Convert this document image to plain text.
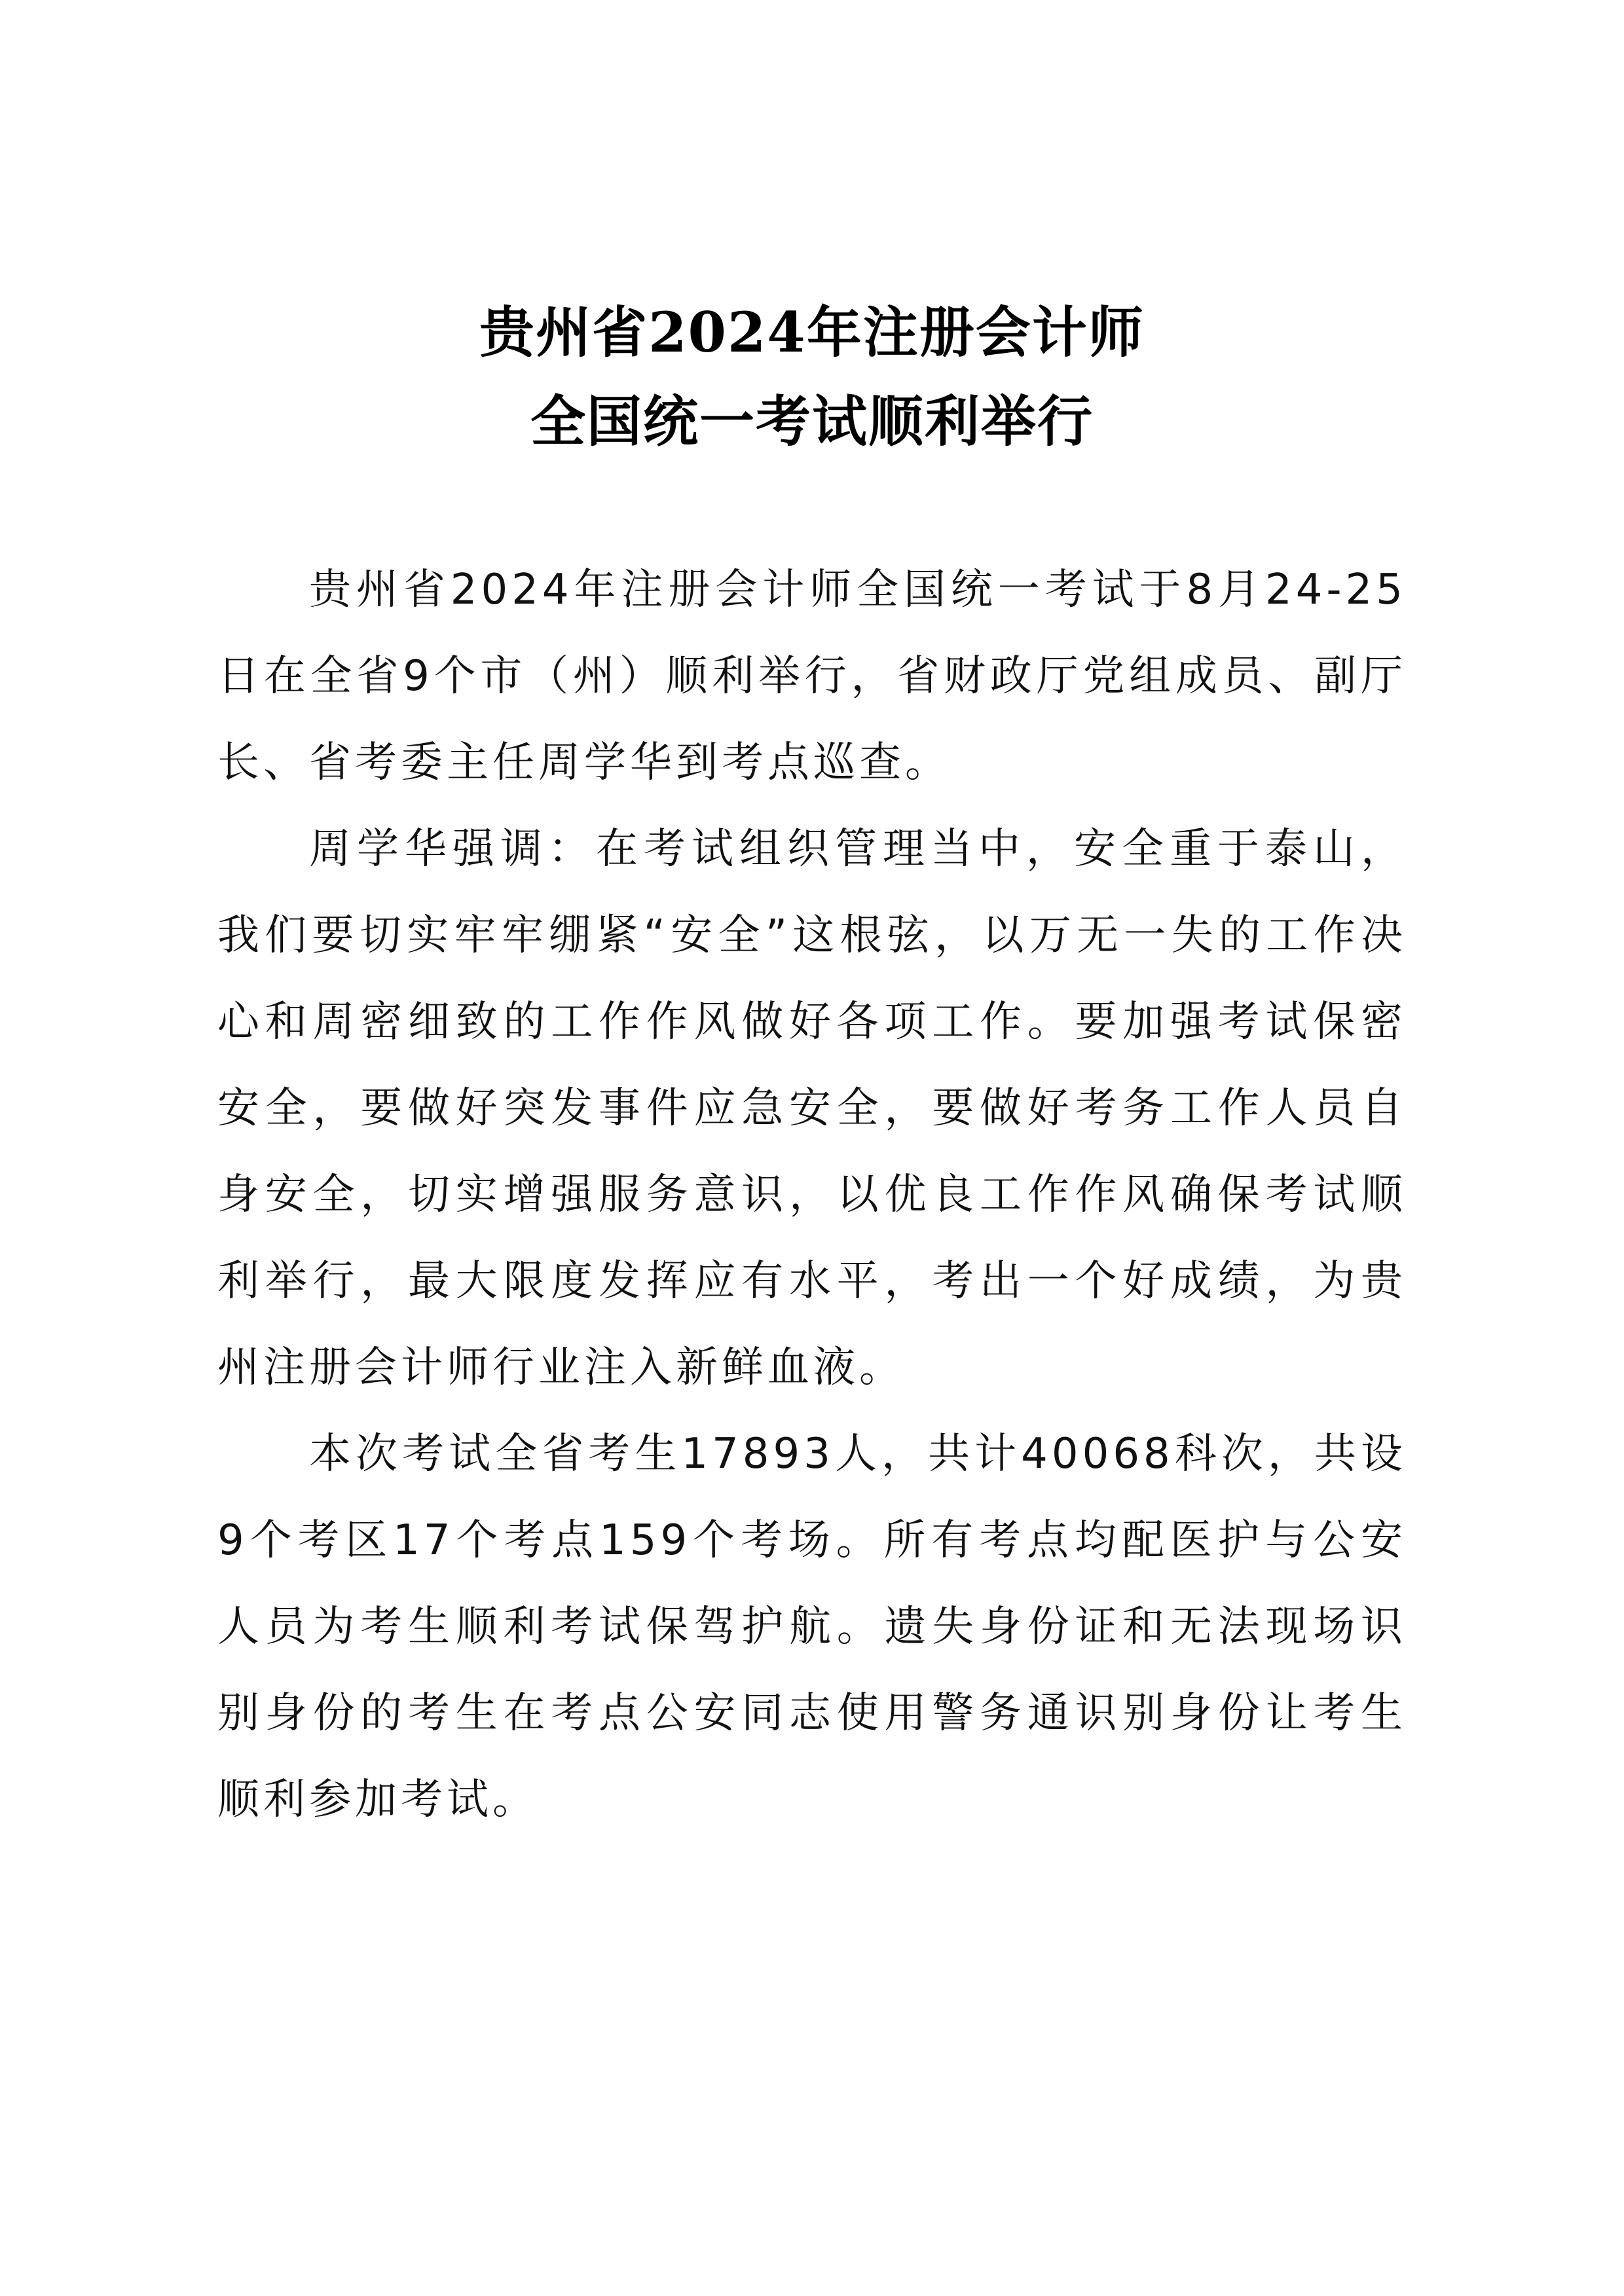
贵州省2024年注册会计师
全国统一考试顺利举行

贵州省2024年注册会计师全国统一考试于8月24-25日在全省9个市（州）顺利举行，省财政厅党组成员、副厅长、省考委主任周学华到考点巡查。

周学华强调：在考试组织管理当中，安全重于泰山，我们要切实牢牢绷紧“安全”这根弦，以万无一失的工作决心和周密细致的工作作风做好各项工作。要加强考试保密安全，要做好突发事件应急安全，要做好考务工作人员自身安全，切实增强服务意识，以优良工作作风确保考试顺利举行，最大限度发挥应有水平，考出一个好成绩，为贵州注册会计师行业注入新鲜血液。

本次考试全省考生17893人，共计40068科次，共设9个考区17个考点159个考场。所有考点均配医护与公安人员为考生顺利考试保驾护航。遗失身份证和无法现场识别身份的考生在考点公安同志使用警务通识别身份让考生顺利参加考试。
